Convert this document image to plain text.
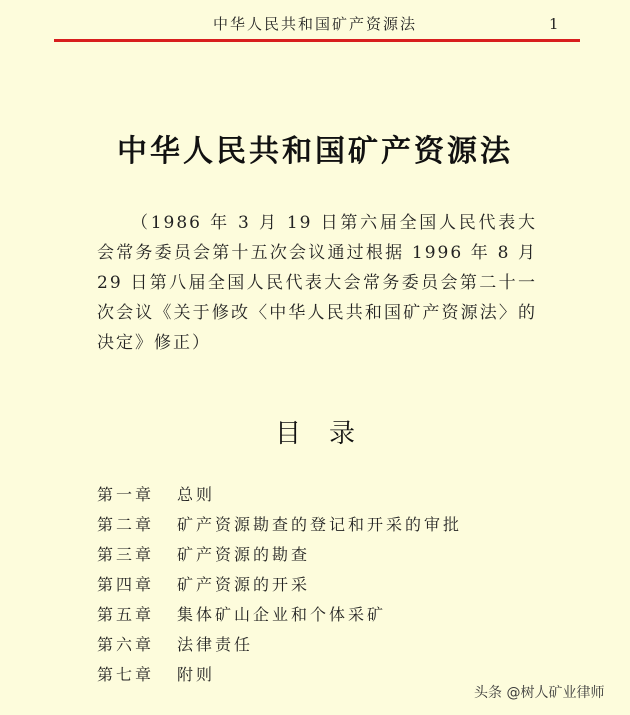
中华人民共和国矿产资源法	1
中华人民共和国矿产资源法
（1986 年 3 月 19 日第六届全国人民代表大会常务委员会第十五次会议通过根据 1996 年 8 月 29 日第八届全国人民代表大会常务委员会第二十一次会议《关于修改〈中华人民共和国矿产资源法〉的决定》修正）
目 录
第一章 总则
第二章 矿产资源勘查的登记和开采的审批
第三章 矿产资源的勘查
第四章 矿产资源的开采
第五章 集体矿山企业和个体采矿
第六章 法律责任
第七章 附则
头条 @树人矿业律师
